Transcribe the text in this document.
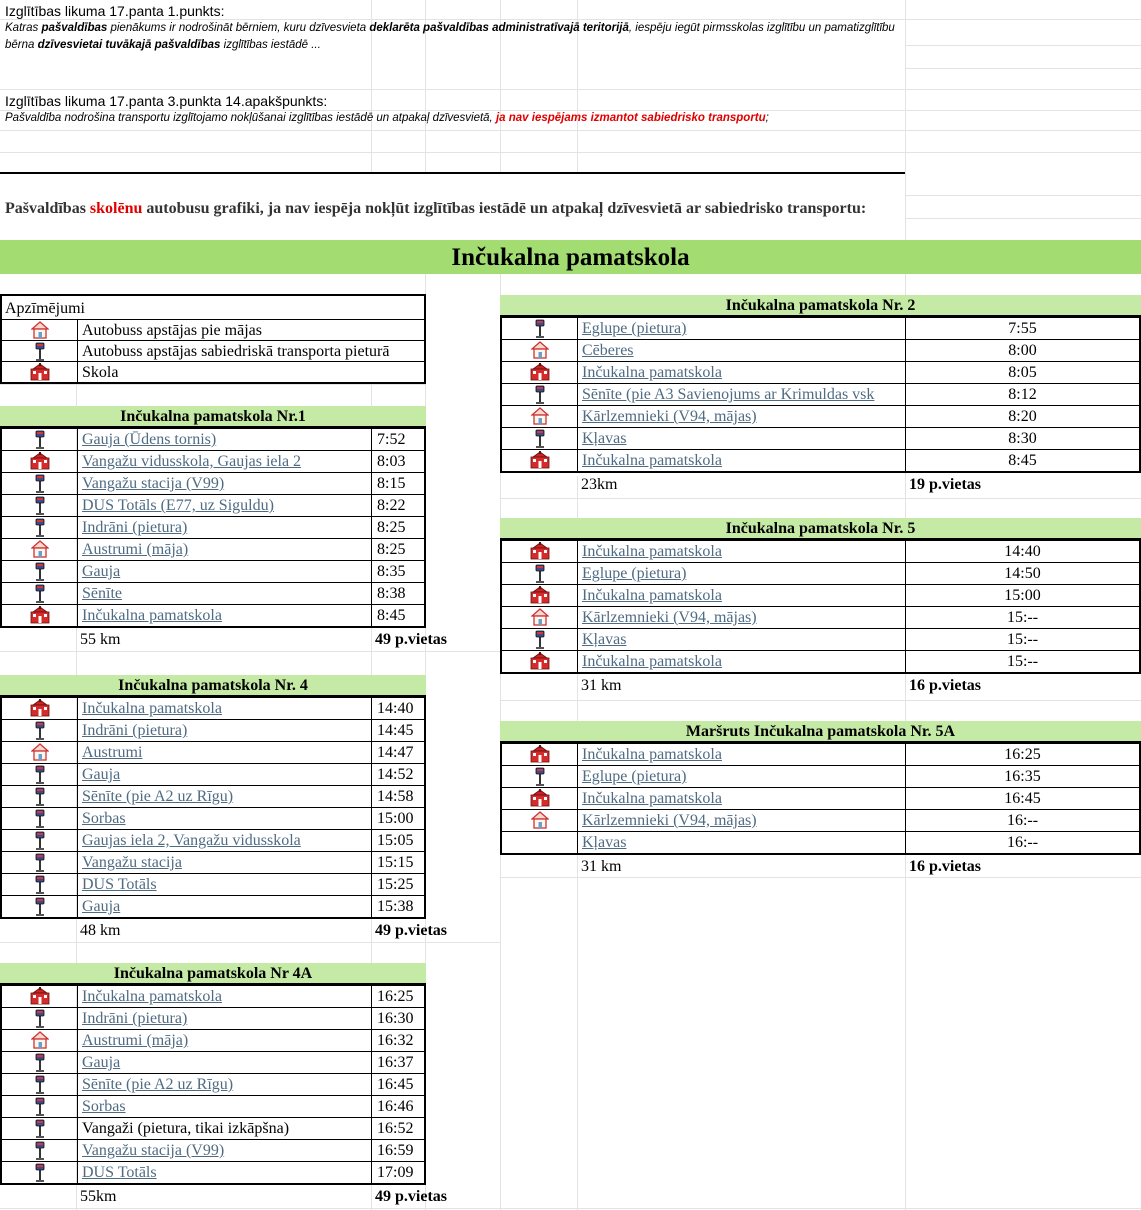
Izglītības likuma 17.panta 1.punkts:
Katras pašvaldības pienākums ir nodrošināt bērniem, kuru dzīvesvieta deklarēta pašvaldības administratīvajā teritorijā, iespēju iegūt pirmsskolas izglītību un pamatizglītību bērna dzīvesvietai tuvākajā pašvaldības izglītības iestādē ...
Izglītības likuma 17.panta 3.punkta 14.apakšpunkts:
Pašvaldība nodrošina transportu izglītojamo nokļūšanai izglītības iestādē un atpakaļ dzīvesvietā, ja nav iespējams izmantot sabiedrisko transportu;
Pašvaldības skolēnu autobusu grafiki, ja nav iespēja nokļūt izglītības iestādē un atpakaļ dzīvesvietā ar sabiedrisko transportu:
Inčukalna pamatskola
Apzīmējumi
Autobuss apstājas pie mājas
Autobuss apstājas sabiedriskā transporta pieturā
Skola
Inčukalna pamatskola Nr.1
Gauja (Ūdens tornis)	7:52
Vangažu vidusskola, Gaujas iela 2	8:03
Vangažu stacija (V99)	8:15
DUS Totāls (E77, uz Siguldu)	8:22
Indrāni (pietura)	8:25
Austrumi (māja)	8:25
Gauja	8:35
Sēnīte	8:38
Inčukalna pamatskola	8:45
55 km	49 p.vietas
Inčukalna pamatskola Nr. 4
Inčukalna pamatskola	14:40
Indrāni (pietura)	14:45
Austrumi	14:47
Gauja	14:52
Sēnīte (pie A2 uz Rīgu)	14:58
Sorbas	15:00
Gaujas iela 2, Vangažu vidusskola	15:05
Vangažu stacija	15:15
DUS Totāls	15:25
Gauja	15:38
48 km	49 p.vietas
Inčukalna pamatskola Nr 4A
Inčukalna pamatskola	16:25
Indrāni (pietura)	16:30
Austrumi (māja)	16:32
Gauja	16:37
Sēnīte (pie A2 uz Rīgu)	16:45
Sorbas	16:46
Vangaži (pietura, tikai izkāpšna)	16:52
Vangažu stacija (V99)	16:59
DUS Totāls	17:09
55km	49 p.vietas
Inčukalna pamatskola Nr. 2
Eglupe (pietura)	7:55
Cēberes	8:00
Inčukalna pamatskola	8:05
Sēnīte (pie A3 Savienojums ar Krimuldas vsk	8:12
Kārlzemnieki (V94, mājas)	8:20
Kļavas	8:30
Inčukalna pamatskola	8:45
23km	19 p.vietas
Inčukalna pamatskola Nr. 5
Inčukalna pamatskola	14:40
Eglupe (pietura)	14:50
Inčukalna pamatskola	15:00
Kārlzemnieki (V94, mājas)	15:--
Kļavas	15:--
Inčukalna pamatskola	15:--
31 km	16 p.vietas
Maršruts Inčukalna pamatskola Nr. 5A
Inčukalna pamatskola	16:25
Eglupe (pietura)	16:35
Inčukalna pamatskola	16:45
Kārlzemnieki (V94, mājas)	16:--
Kļavas	16:--
31 km	16 p.vietas
